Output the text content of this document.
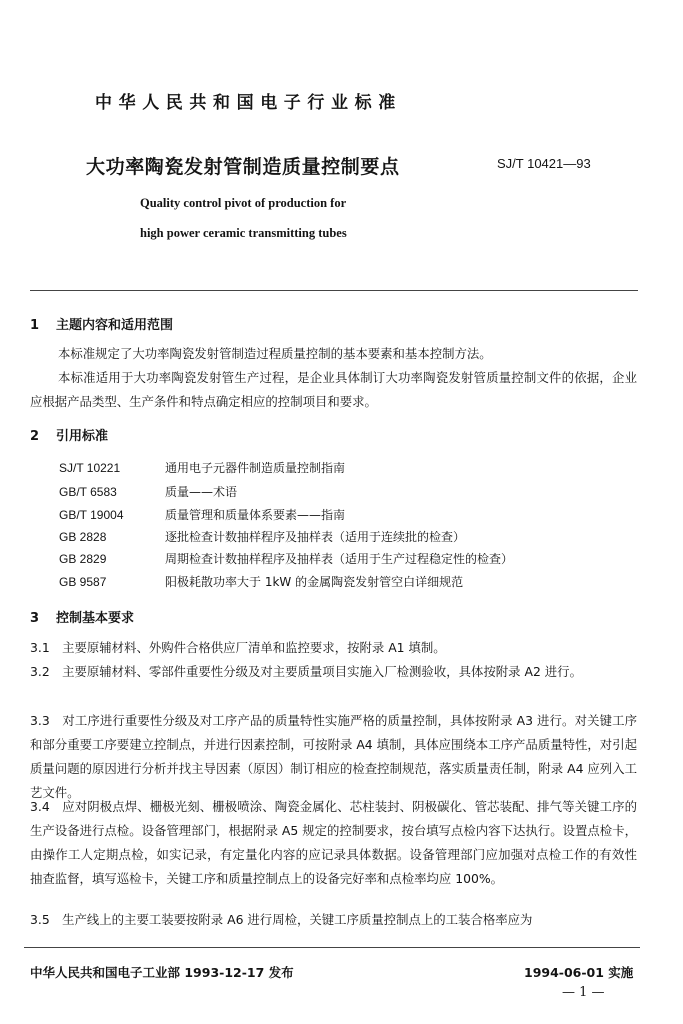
中华人民共和国电子行业标准
大功率陶瓷发射管制造质量控制要点	SJ/T 10421—93
Quality control pivot of production for
high power ceramic transmitting tubes
1 主题内容和适用范围
本标准规定了大功率陶瓷发射管制造过程质量控制的基本要素和基本控制方法。
本标准适用于大功率陶瓷发射管生产过程，是企业具体制订大功率陶瓷发射管质量控制文件的依据，企业应根据产品类型、生产条件和特点确定相应的控制项目和要求。
2 引用标准
SJ/T 10221	通用电子元器件制造质量控制指南
GB/T 6583	质量——术语
GB/T 19004	质量管理和质量体系要素——指南
GB 2828	逐批检查计数抽样程序及抽样表（适用于连续批的检查）
GB 2829	周期检查计数抽样程序及抽样表（适用于生产过程稳定性的检查）
GB 9587	阳极耗散功率大于 1kW 的金属陶瓷发射管空白详细规范
3 控制基本要求
3.1　主要原辅材料、外购件合格供应厂清单和监控要求，按附录 A1 填制。
3.2　主要原辅材料、零部件重要性分级及对主要质量项目实施入厂检测验收，具体按附录 A2 进行。
3.3　对工序进行重要性分级及对工序产品的质量特性实施严格的质量控制，具体按附录 A3 进行。对关键工序和部分重要工序要建立控制点，并进行因素控制，可按附录 A4 填制，具体应围绕本工序产品质量特性，对引起质量问题的原因进行分析并找主导因素（原因）制订相应的检查控制规范，落实质量责任制，附录 A4 应列入工艺文件。
3.4　应对阴极点焊、栅极光刻、栅极喷涂、陶瓷金属化、芯柱装封、阴极碳化、管芯装配、排气等关键工序的生产设备进行点检。设备管理部门，根据附录 A5 规定的控制要求，按台填写点检内容下达执行。设置点检卡，由操作工人定期点检，如实记录，有定量化内容的应记录具体数据。设备管理部门应加强对点检工作的有效性抽查监督，填写巡检卡，关键工序和质量控制点上的设备完好率和点检率均应 100%。
3.5　生产线上的主要工装要按附录 A6 进行周检，关键工序质量控制点上的工装合格率应为
中华人民共和国电子工业部 1993-12-17 发布	1994-06-01 实施
— 1 —
